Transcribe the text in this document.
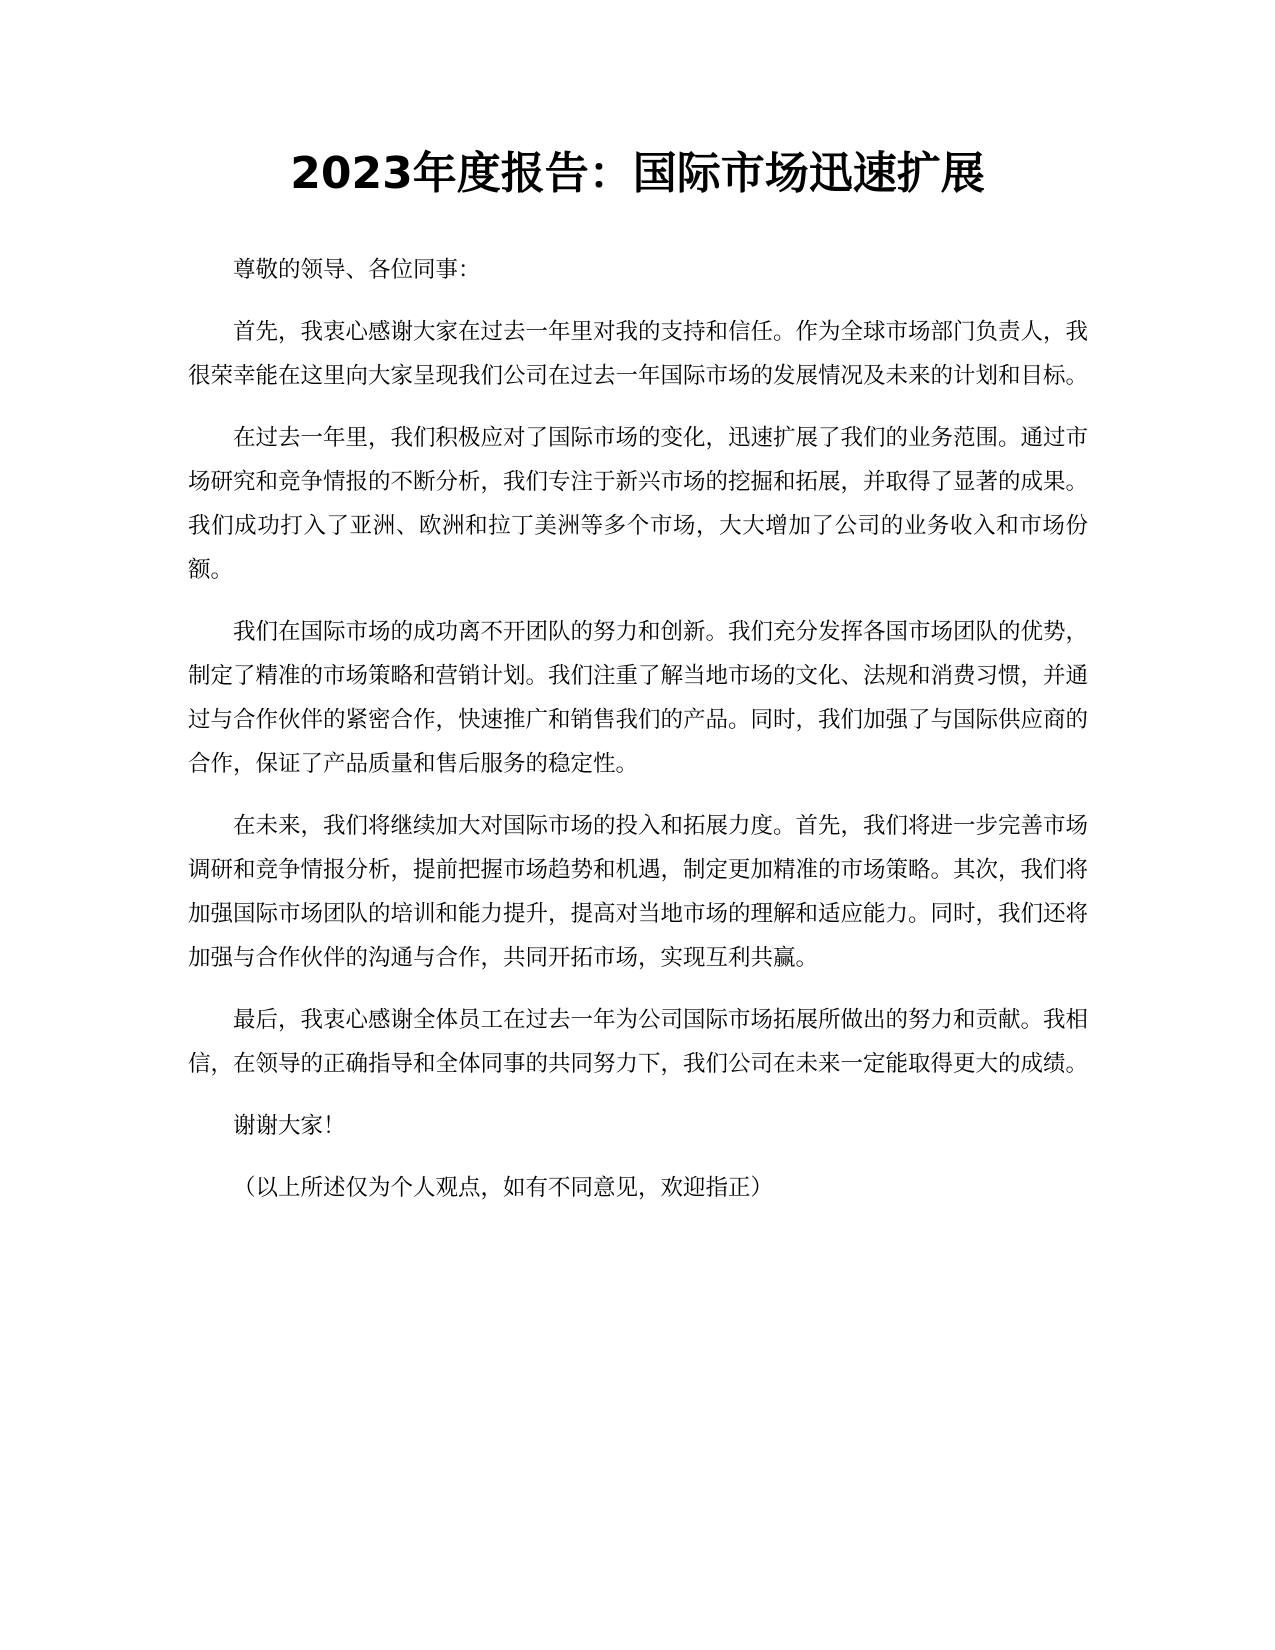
2023年度报告：国际市场迅速扩展

尊敬的领导、各位同事：

首先，我衷心感谢大家在过去一年里对我的支持和信任。作为全球市场部门负责人，我很荣幸能在这里向大家呈现我们公司在过去一年国际市场的发展情况及未来的计划和目标。

在过去一年里，我们积极应对了国际市场的变化，迅速扩展了我们的业务范围。通过市场研究和竞争情报的不断分析，我们专注于新兴市场的挖掘和拓展，并取得了显著的成果。我们成功打入了亚洲、欧洲和拉丁美洲等多个市场，大大增加了公司的业务收入和市场份额。

我们在国际市场的成功离不开团队的努力和创新。我们充分发挥各国市场团队的优势，制定了精准的市场策略和营销计划。我们注重了解当地市场的文化、法规和消费习惯，并通过与合作伙伴的紧密合作，快速推广和销售我们的产品。同时，我们加强了与国际供应商的合作，保证了产品质量和售后服务的稳定性。

在未来，我们将继续加大对国际市场的投入和拓展力度。首先，我们将进一步完善市场调研和竞争情报分析，提前把握市场趋势和机遇，制定更加精准的市场策略。其次，我们将加强国际市场团队的培训和能力提升，提高对当地市场的理解和适应能力。同时，我们还将加强与合作伙伴的沟通与合作，共同开拓市场，实现互利共赢。

最后，我衷心感谢全体员工在过去一年为公司国际市场拓展所做出的努力和贡献。我相信，在领导的正确指导和全体同事的共同努力下，我们公司在未来一定能取得更大的成绩。

谢谢大家！

（以上所述仅为个人观点，如有不同意见，欢迎指正）
